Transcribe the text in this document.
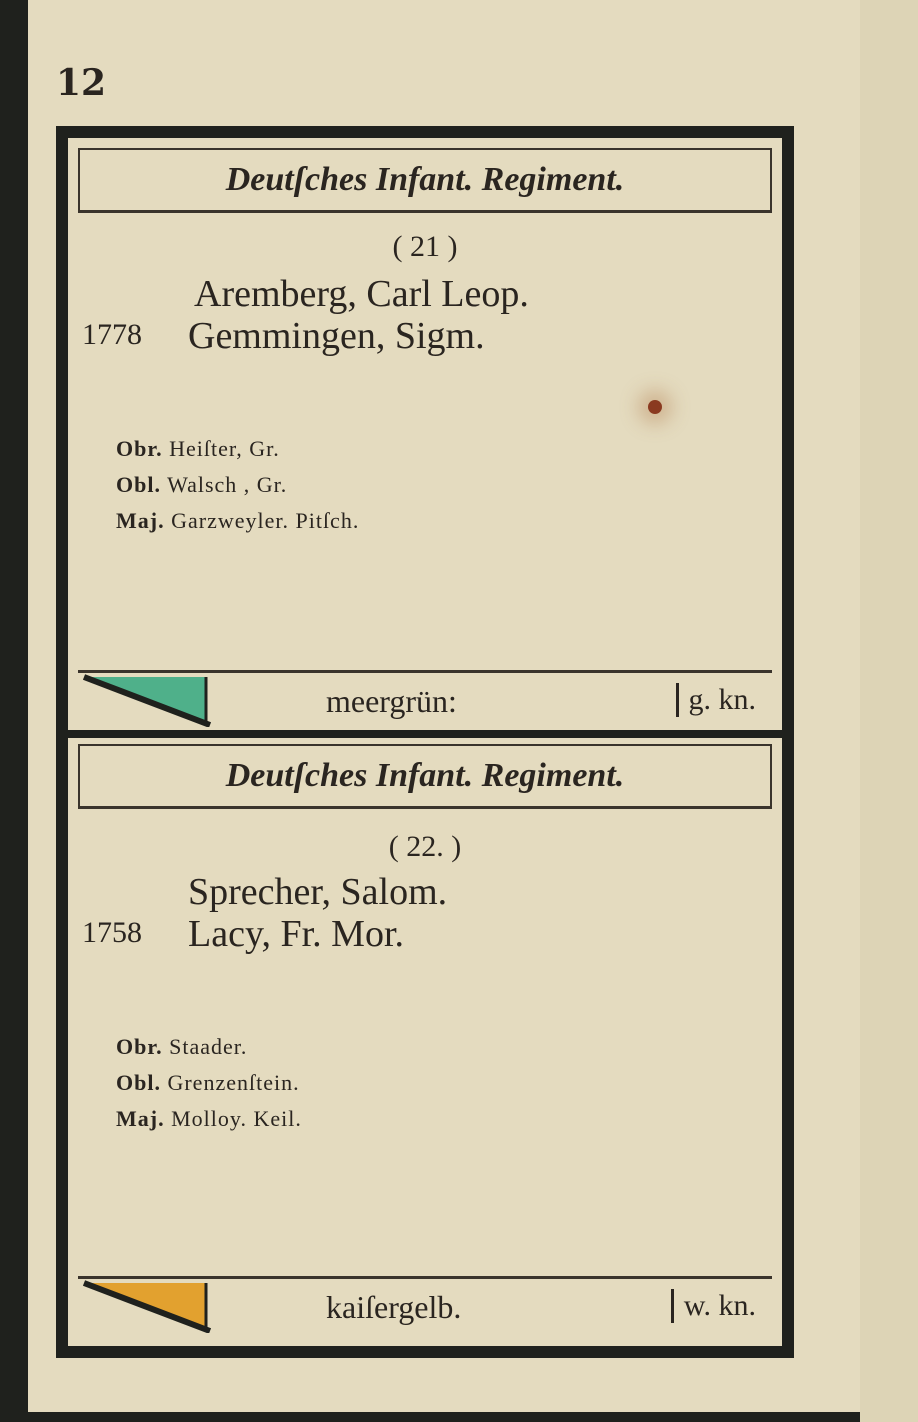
12
Deutſches Infant. Regiment.
( 21 )
Aremberg, Carl Leop.
1778 Gemmingen, Sigm.
Obr. Heiſter, Gr.
Obl. Walsch , Gr.
Maj. Garzweyler. Pitſch.
meergrün:	g. kn.
Deutſches Infant. Regiment.
( 22. )
Sprecher, Salom.
1758 Lacy, Fr. Mor.
Obr. Staader.
Obl. Grenzenſtein.
Maj. Molloy. Keil.
kaiſergelb.	w. kn.
